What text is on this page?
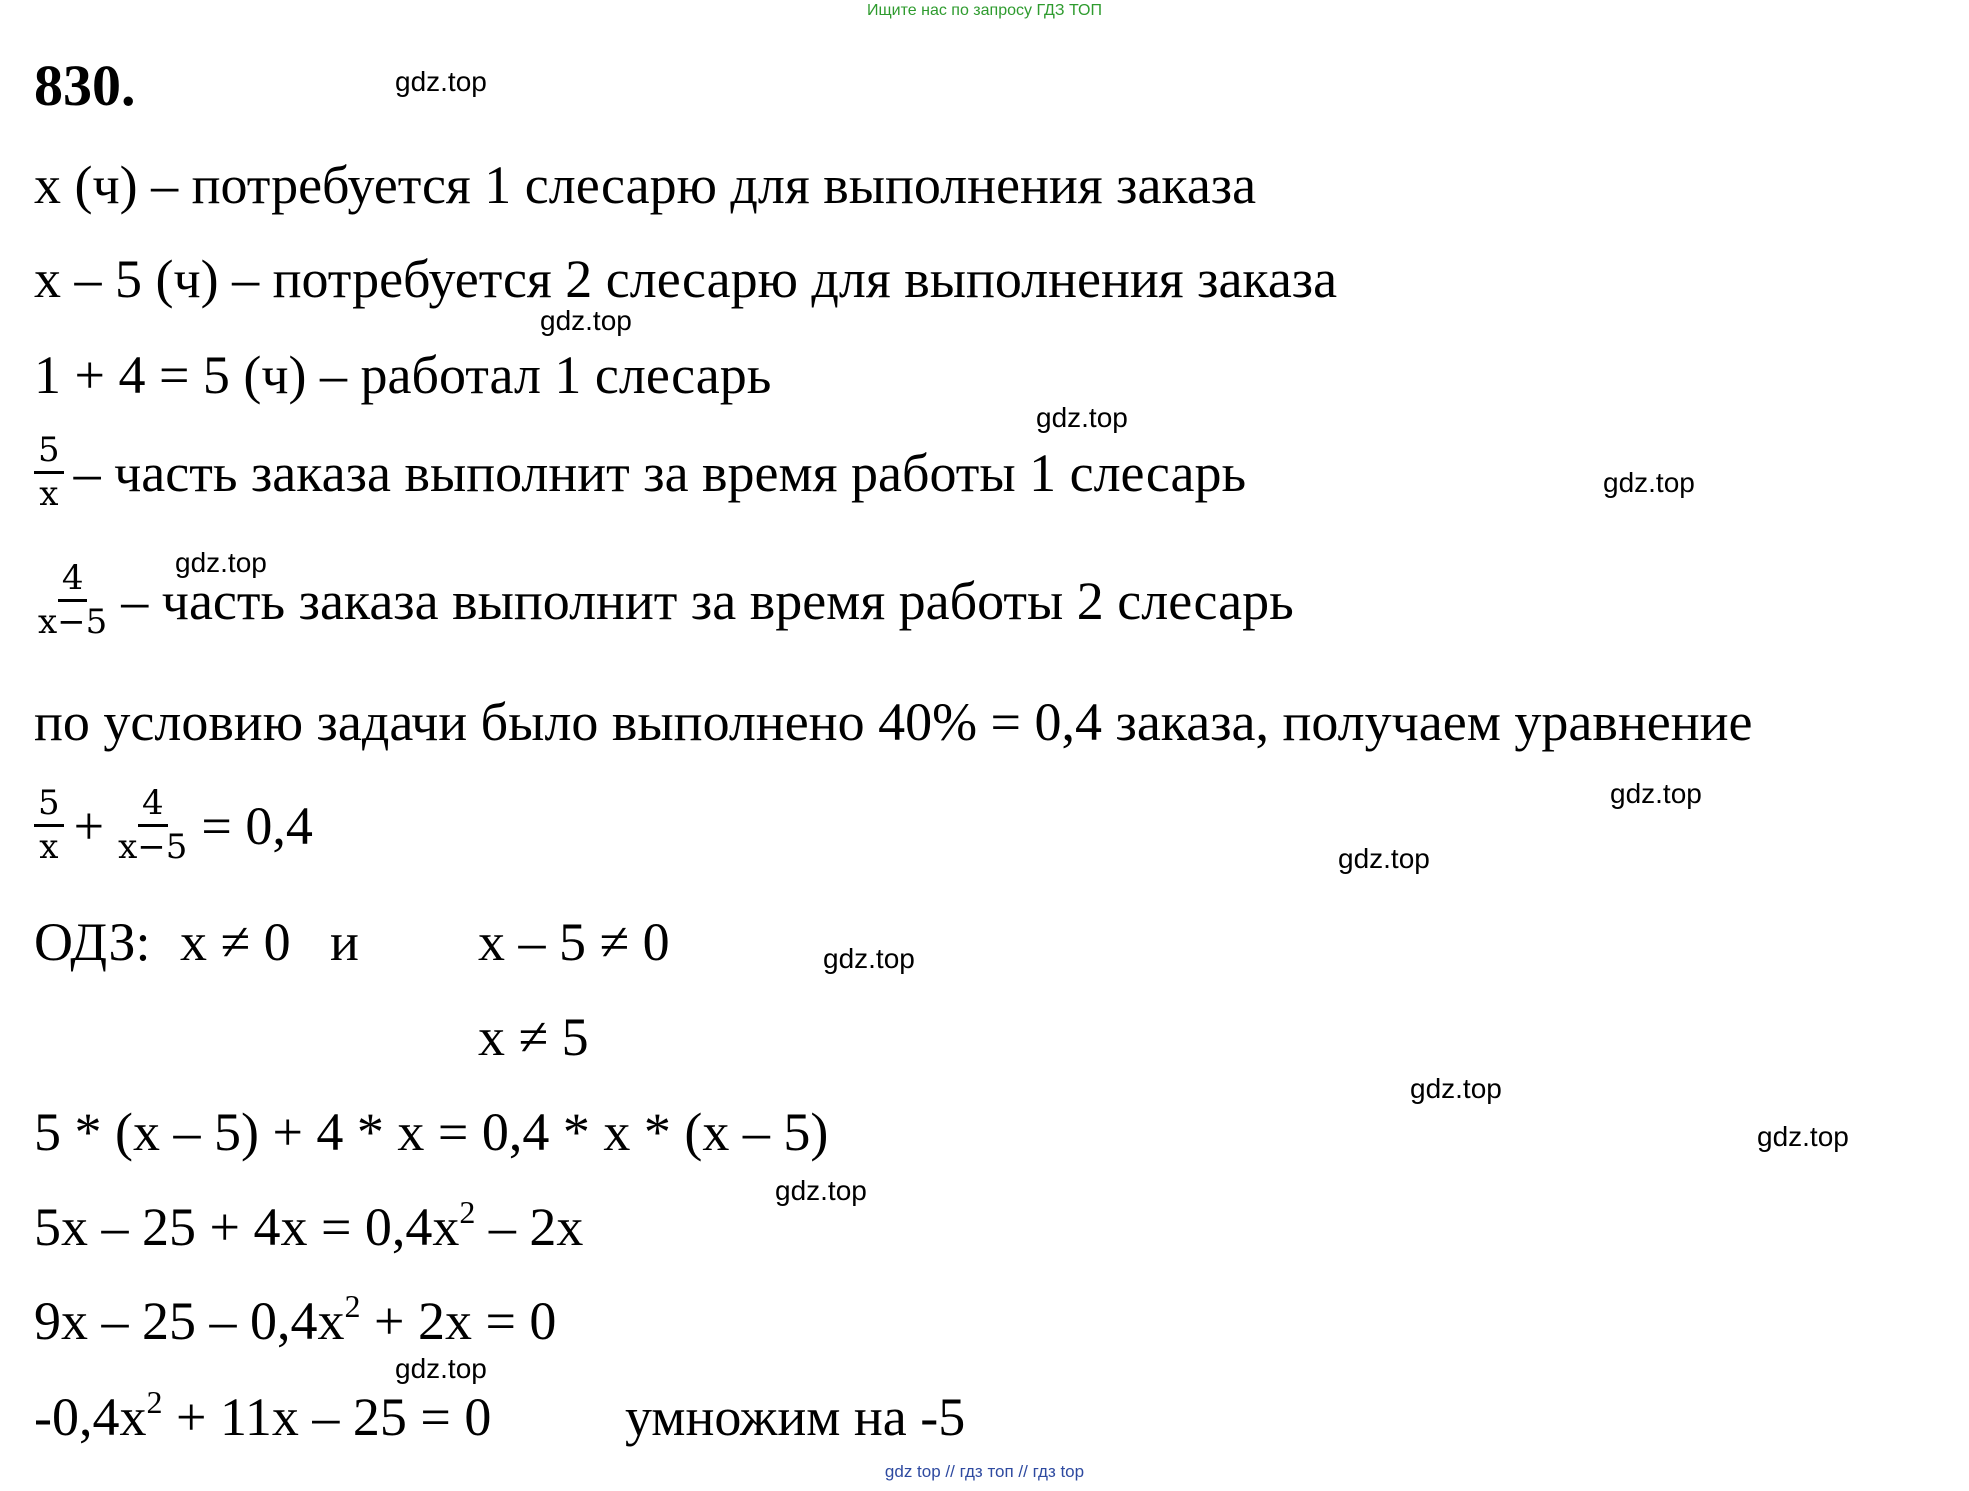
Ищите нас по запросу ГДЗ ТОП
830.	gdz.top
gdz.top
gdz.top
gdz.top
gdz.top
gdz.top
gdz.top
gdz.top
gdz.top
gdz.top
gdz.top
gdz.top
x (ч) – потребуется 1 слесарю для выполнения заказа
x – 5 (ч) – потребуется 2 слесарю для выполнения заказа
1 + 4 = 5 (ч) – работал 1 слесарь
$\frac{5}{x}$ – часть заказа выполнит за время работы 1 слесарь
$\frac{4}{x-5}$ – часть заказа выполнит за время работы 2 слесарь
по условию задачи было выполнено 40% = 0,4 заказа, получаем уравнение
$\frac{5}{x} + \frac{4}{x-5} = 0,4$
ОДЗ: x ≠ 0 и x – 5 ≠ 0
x ≠ 5
5 * (x – 5) + 4 * x = 0,4 * x * (x – 5)
$5x - 25 + 4x = 0,4x^2 - 2x$
$9x - 25 - 0,4x^2 + 2x = 0$
$-0,4x^2 + 11x - 25 = 0$ умножим на -5
gdz top // гдз топ // гдз top
